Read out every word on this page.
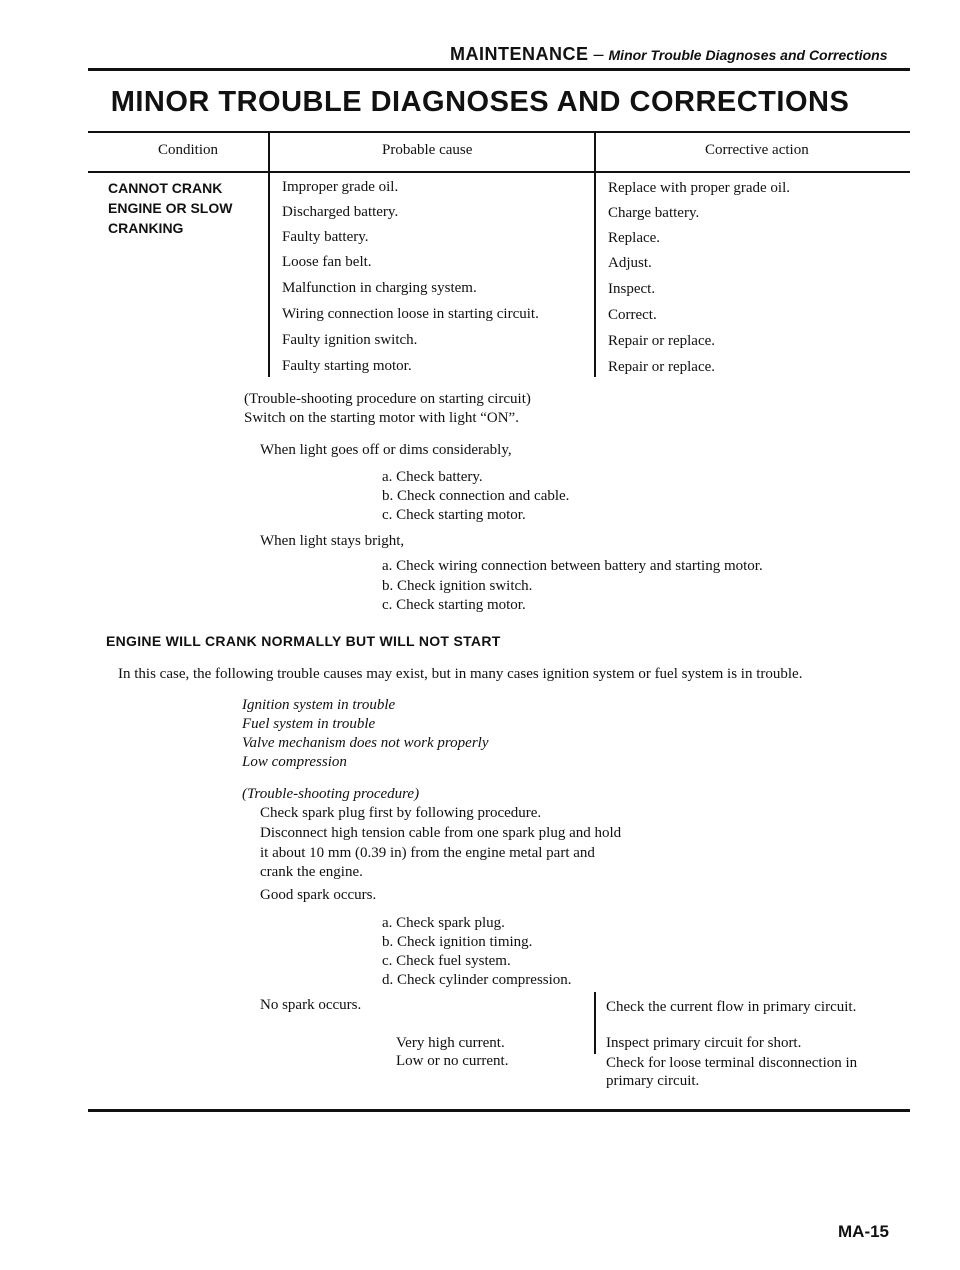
MAINTENANCE – Minor Trouble Diagnoses and Corrections
MINOR TROUBLE DIAGNOSES AND CORRECTIONS
Condition	Probable cause	Corrective action
CANNOT CRANK
ENGINE OR SLOW
CRANKING
Improper grade oil.	Replace with proper grade oil.
Discharged battery.	Charge battery.
Faulty battery.	Replace.
Loose fan belt.	Adjust.
Malfunction in charging system.	Inspect.
Wiring connection loose in starting circuit.	Correct.
Faulty ignition switch.	Repair or replace.
Faulty starting motor.	Repair or replace.
(Trouble-shooting procedure on starting circuit)
Switch on the starting motor with light “ON”.
When light goes off or dims considerably,
a. Check battery.
b. Check connection and cable.
c. Check starting motor.
When light stays bright,
a. Check wiring connection between battery and starting motor.
b. Check ignition switch.
c. Check starting motor.
ENGINE WILL CRANK NORMALLY BUT WILL NOT START
In this case, the following trouble causes may exist, but in many cases ignition system or fuel system is in trouble.
Ignition system in trouble
Fuel system in trouble
Valve mechanism does not work properly
Low compression
(Trouble-shooting procedure)
Check spark plug first by following procedure.
Disconnect high tension cable from one spark plug and hold
it about 10 mm (0.39 in) from the engine metal part and
crank the engine.
Good spark occurs.
a. Check spark plug.
b. Check ignition timing.
c. Check fuel system.
d. Check cylinder compression.
No spark occurs.	Check the current flow in primary circuit.
Very high current.	Inspect primary circuit for short.
Low or no current.	Check for loose terminal disconnection in
primary circuit.
MA-15
